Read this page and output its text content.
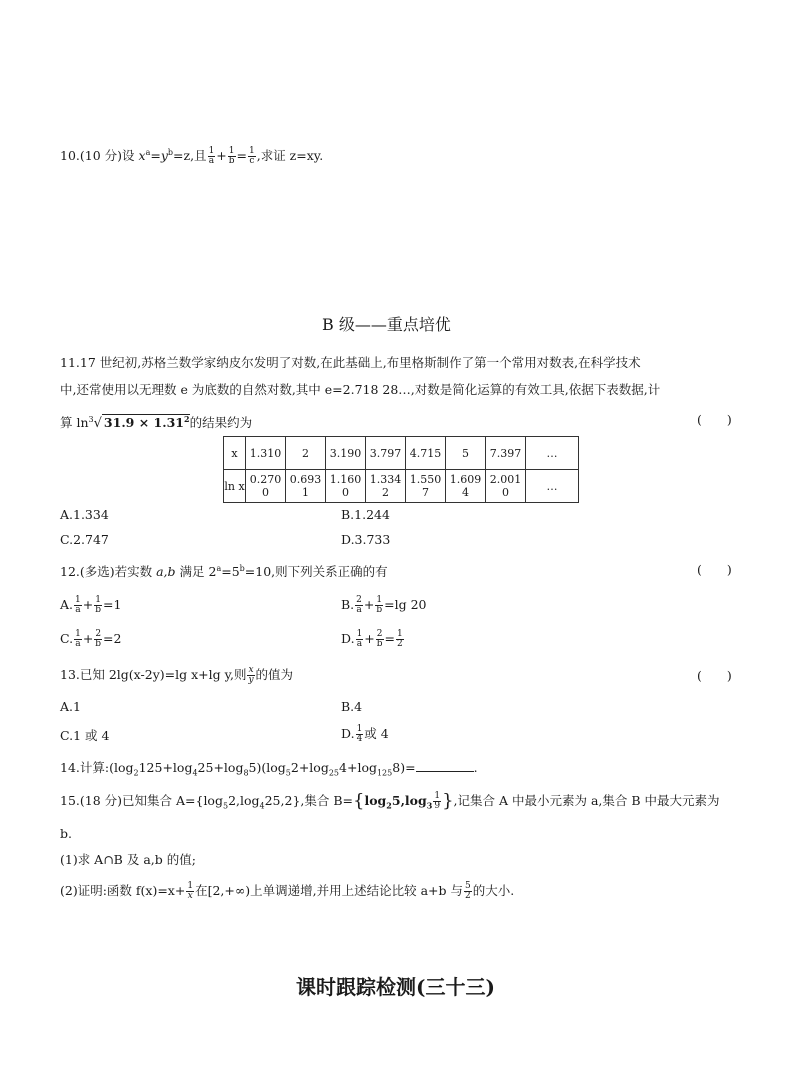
10.(10 分)设 $x^a=y^b=z$,且 $\frac{1}{a} + \frac{1}{b} = \frac{1}{c}$ ,求证 z=xy.
B 级——重点培优
11.17 世纪初,苏格兰数学家纳皮尔发明了对数,在此基础上,布里格斯制作了第一个常用对数表,在科学技术
中,还常使用以无理数 e 为底数的自然对数,其中 e=2.718 28…,对数是简化运算的有效工具,依据下表数据,计
算 $\ln^3√$ $31.9 \times 1.31^2$的结果约为	(　　)
x	1.310	2	3.190	3.797	4.715	5	7.397	…
ln x	0.270 0	0.693 1	1.160 0	1.334 2	1.550 7	1.609 4	2.001 0	…
A.1.334	B.1.244
C.2.747	D.3.733
12.(多选)若实数 a,b 满足 $2^a=5^b=10$,则下列关系正确的有	(　　)
A. $\frac{1}{a} + \frac{1}{b} =1$	B. $\frac{2}{a} + \frac{1}{b} =\lg$ 20
C. $\frac{1}{a} + \frac{2}{b} =2$	D. $\frac{1}{a} + \frac{2}{b} = \frac{1}{2}$
13.已知 2lg(x-2y)=lg x+lg y,则 $\frac{x}{y}$ 的值为	(　　)
A.1	B.4
C.1 或 4	D. $\frac{1}{4}$ 或 4
14.计算$:(\log_2125+\log_425+\log_85)(\log_52+\log_{25}4+\log_{125}8)=$	.
15.(18 分)已知集合 $A=\{\log_52,\log_425,2\}$,集合 $B=\{\log_25,\log_3 \frac{1}{9}$ },记集合 A 中最小元素为 a,集合 B 中最大元素为
b.
(1)求 A∩B 及 a,b 的值;
(2)证明:函数 $f(x)=x+ \frac{1}{x}$ 在[2,+∞)上单调递增,并用上述结论比较 a+b 与 $\frac{5}{2}$ 的大小.
课时跟踪检测(三十三)
